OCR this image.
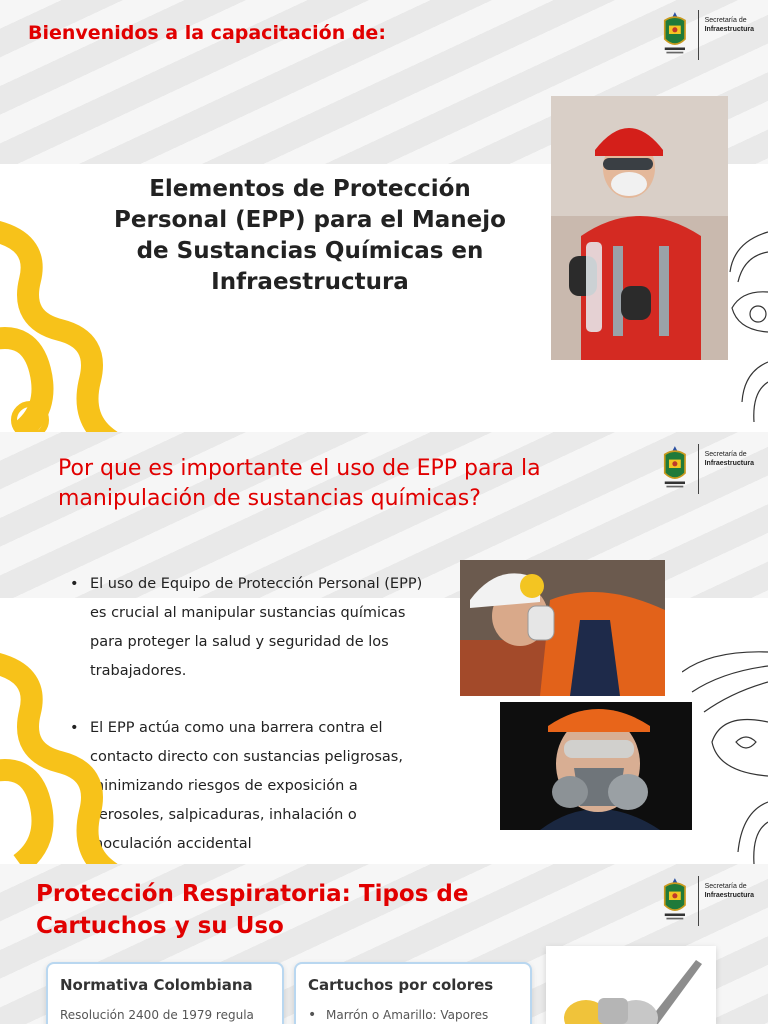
Secretaría de
Infraestructura
Bienvenidos a la capacitación de:
Elementos de Protección Personal (EPP) para el Manejo de Sustancias Químicas en Infraestructura
Secretaría de
Infraestructura
Por que es importante el uso de EPP para la manipulación de sustancias químicas?
• El uso de Equipo de Protección Personal (EPP) es crucial al manipular sustancias químicas para proteger la salud y seguridad de los trabajadores.
• El EPP actúa como una barrera contra el contacto directo con sustancias peligrosas, minimizando riesgos de exposición a aerosoles, salpicaduras, inhalación o inoculación accidental
Secretaría de
Infraestructura
Protección Respiratoria: Tipos de Cartuchos y su Uso
Normativa Colombiana

Resolución 2400 de 1979 regula

Cartuchos por colores
• Marrón o Amarillo: Vapores
